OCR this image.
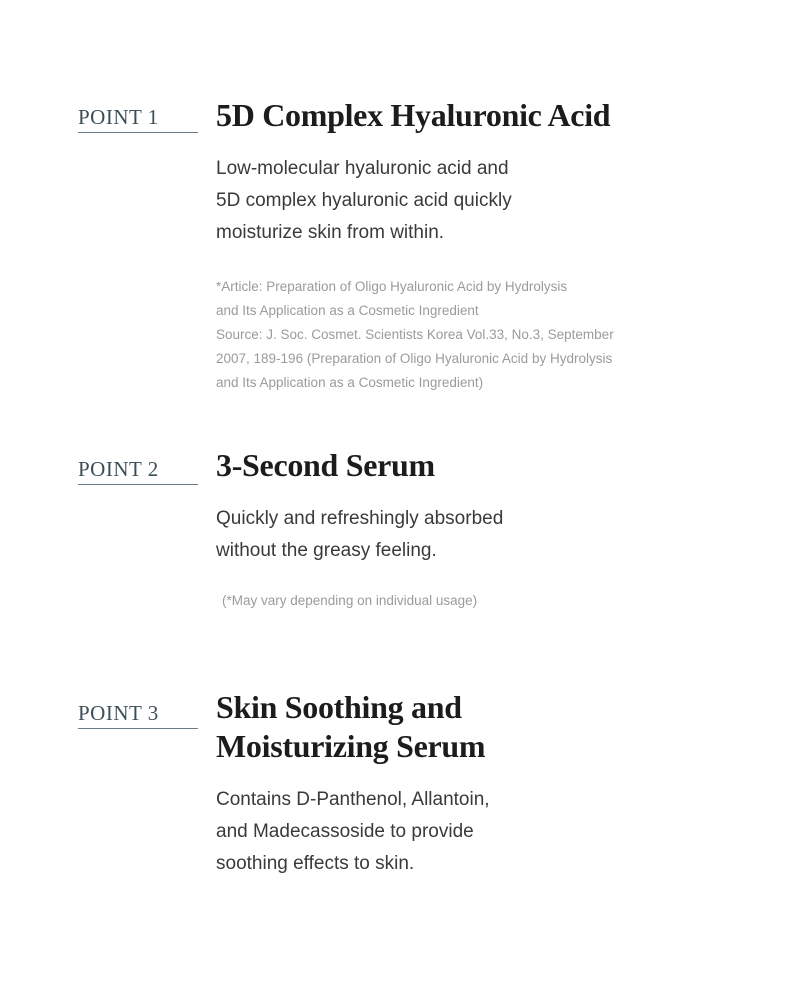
POINT 1	5D Complex Hyaluronic Acid

Low-molecular hyaluronic acid and
5D complex hyaluronic acid quickly
moisturize skin from within.

*Article: Preparation of Oligo Hyaluronic Acid by Hydrolysis
and Its Application as a Cosmetic Ingredient
Source: J. Soc. Cosmet. Scientists Korea Vol.33, No.3, September
2007, 189-196 (Preparation of Oligo Hyaluronic Acid by Hydrolysis
and Its Application as a Cosmetic Ingredient)

POINT 2	3-Second Serum

Quickly and refreshingly absorbed
without the greasy feeling.

(*May vary depending on individual usage)

POINT 3	Skin Soothing and
Moisturizing Serum

Contains D-Panthenol, Allantoin,
and Madecassoside to provide
soothing effects to skin.
